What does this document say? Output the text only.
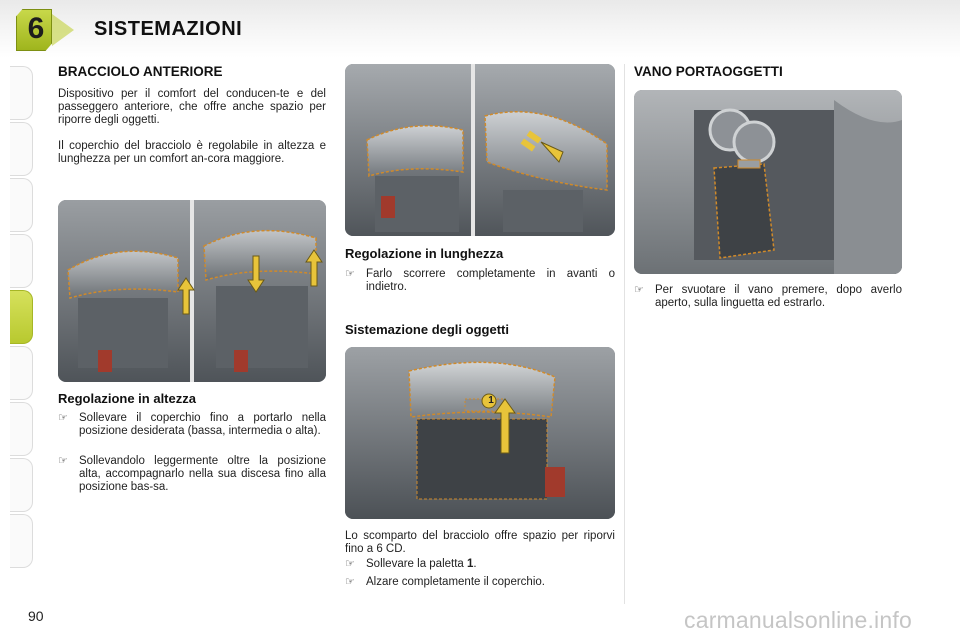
6 SISTEMAZIONI
BRACCIOLO ANTERIORE
Dispositivo per il comfort del conducen-te e del passeggero anteriore, che offre anche spazio per riporre degli oggetti.
Il coperchio del bracciolo è regolabile in altezza e lunghezza per un comfort an-cora maggiore.
Regolazione in altezza
☞ Sollevare il coperchio fino a portarlo nella posizione desiderata (bassa, intermedia o alta).
☞ Sollevandolo leggermente oltre la posizione alta, accompagnarlo nella sua discesa fino alla posizione bas-sa.
Regolazione in lunghezza
☞ Farlo scorrere completamente in avanti o indietro.
Sistemazione degli oggetti
1
Lo scomparto del bracciolo offre spazio per riporvi fino a 6 CD.
☞ Sollevare la paletta 1.
☞ Alzare completamente il coperchio.
VANO PORTAOGGETTI
☞ Per svuotare il vano premere, dopo averlo aperto, sulla linguetta ed estrarlo.
90	carmanualsonline.info
